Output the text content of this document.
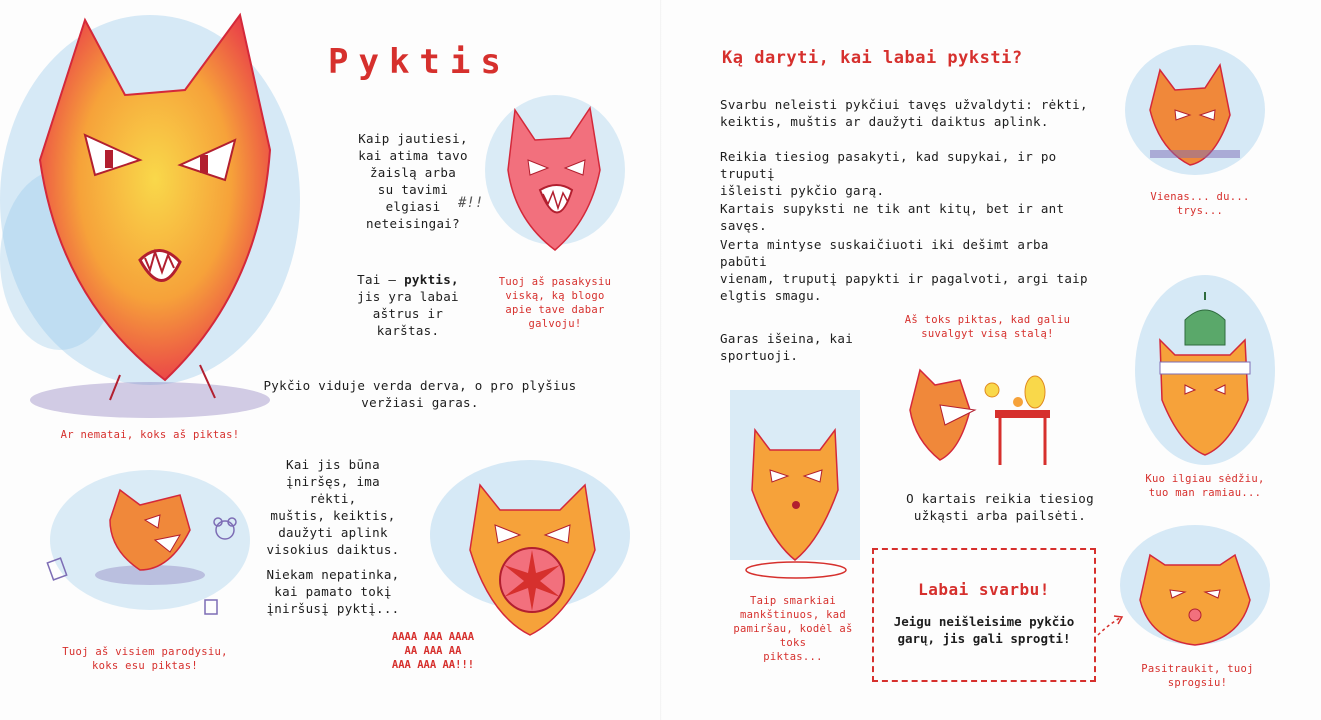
Pyktis
Ar nematai, koks aš piktas!
Kaip jautiesi,
kai atima tavo
žaislą arba
su tavimi
elgiasi
neteisingai?
#!!
Tai – pyktis,
jis yra labai
aštrus ir
karštas.
Tuoj aš pasakysiu
viską, ką blogo
apie tave dabar
galvoju!
Pykčio viduje verda derva, o pro plyšius
veržiasi garas.
Tuoj aš visiem parodysiu,
koks esu piktas!
Kai jis būna
įniršęs, ima rėkti,
muštis, keiktis,
daužyti aplink
visokius daiktus.
Niekam nepatinka,
kai pamato tokį
įniršusį pyktį...
AAAA AAA AAAA
AA AAA AA
AAA AAA AA!!!
Ką daryti, kai labai pyksti?
Svarbu neleisti pykčiui tavęs užvaldyti: rėkti,
keiktis, muštis ar daužyti daiktus aplink.
Reikia tiesiog pasakyti, kad supykai, ir po truputį
išleisti pykčio garą.
Kartais supyksti ne tik ant kitų, bet ir ant savęs.
Verta mintyse suskaičiuoti iki dešimt arba pabūti
vienam, truputį papykti ir pagalvoti, argi taip
elgtis smagu.
Vienas... du... trys...
Garas išeina, kai
sportuoji.
Aš toks piktas, kad galiu
suvalgyt visą stalą!
Taip smarkiai
mankštinuos, kad
pamiršau, kodėl aš toks
piktas...
O kartais reikia tiesiog
užkąsti arba pailsėti.
Kuo ilgiau sėdžiu,
tuo man ramiau...
Labai svarbu!
Jeigu neišleisime pykčio
garų, jis gali sprogti!
Pasitraukit, tuoj sprogsiu!
